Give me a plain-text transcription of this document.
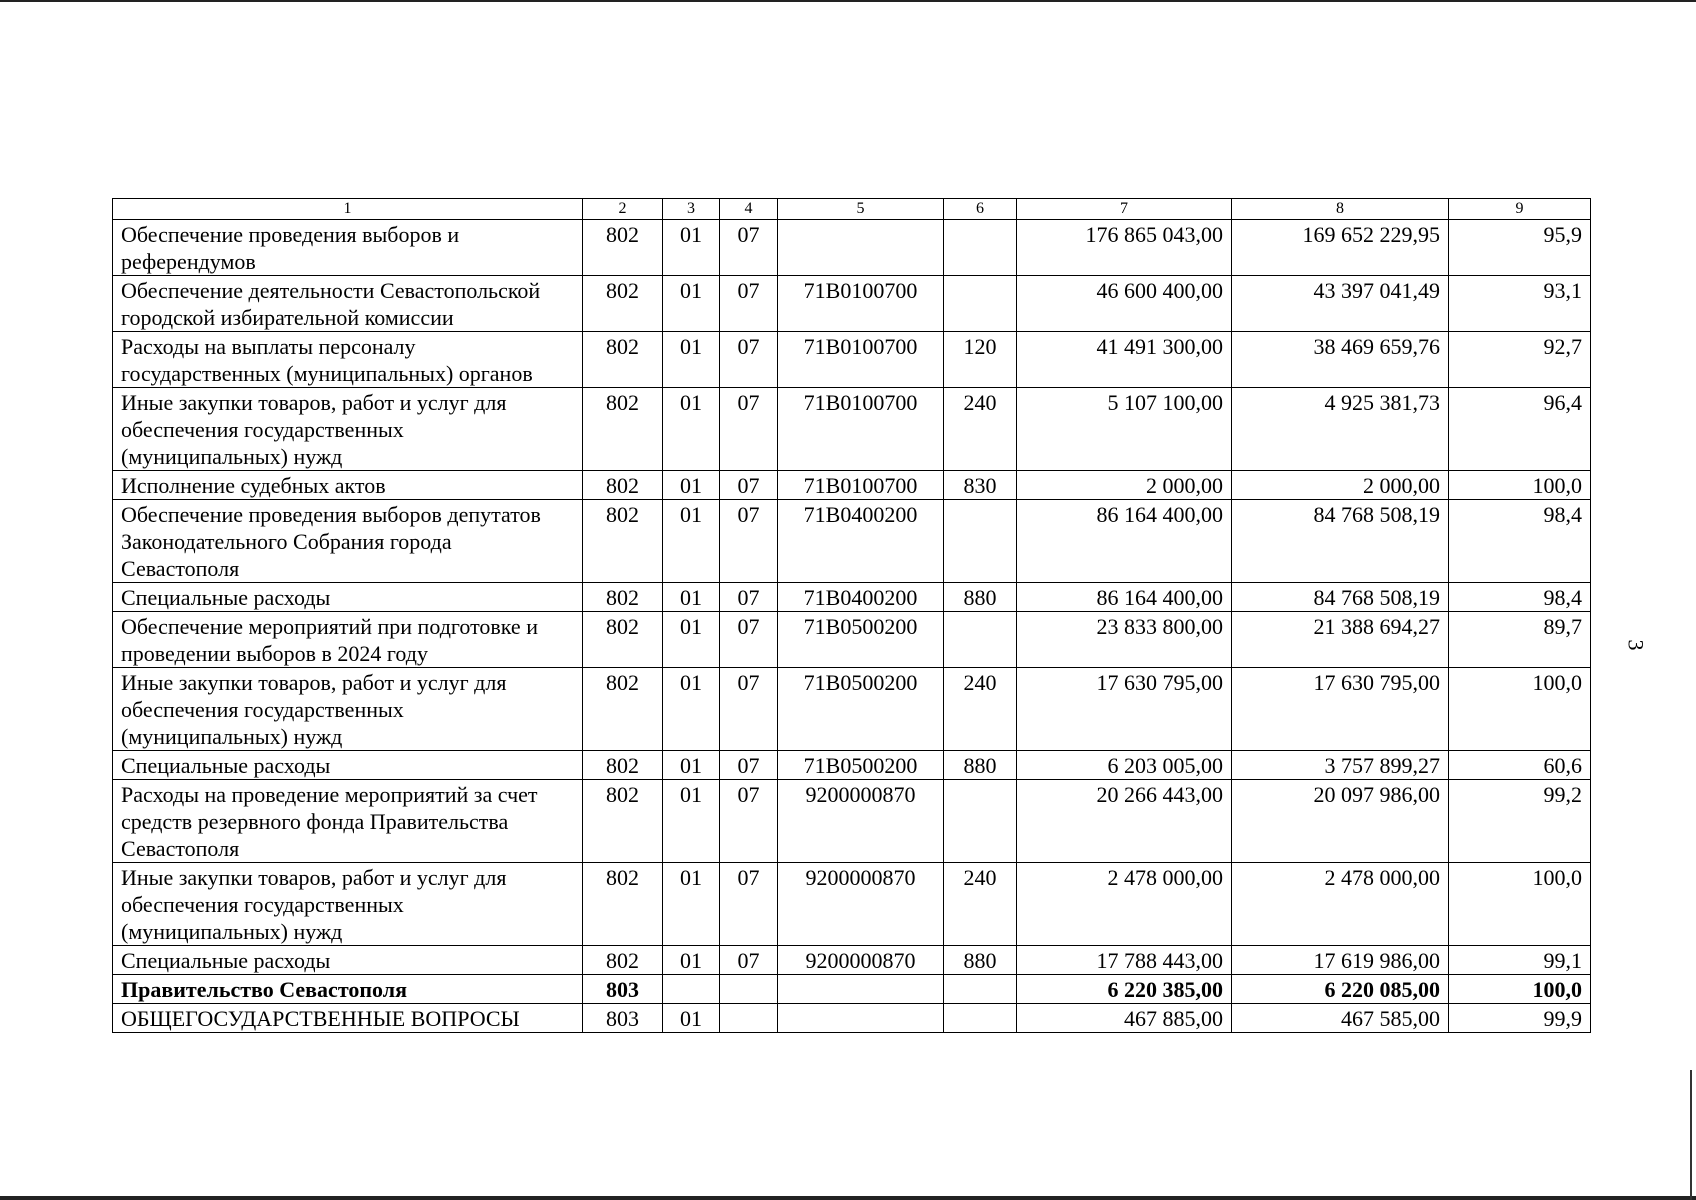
3
1	2	3	4	5	6	7	8	9
Обеспечение проведения выборов и референдумов	802	01	07			176 865 043,00	169 652 229,95	95,9
Обеспечение деятельности Севастопольской городской избирательной комиссии	802	01	07	71В0100700		46 600 400,00	43 397 041,49	93,1
Расходы на выплаты персоналу государственных (муниципальных) органов	802	01	07	71В0100700	120	41 491 300,00	38 469 659,76	92,7
Иные закупки товаров, работ и услуг для обеспечения государственных (муниципальных) нужд	802	01	07	71В0100700	240	5 107 100,00	4 925 381,73	96,4
Исполнение судебных актов	802	01	07	71В0100700	830	2 000,00	2 000,00	100,0
Обеспечение проведения выборов депутатов Законодательного Собрания города Севастополя	802	01	07	71В0400200		86 164 400,00	84 768 508,19	98,4
Специальные расходы	802	01	07	71В0400200	880	86 164 400,00	84 768 508,19	98,4
Обеспечение мероприятий при подготовке и проведении выборов в 2024 году	802	01	07	71В0500200		23 833 800,00	21 388 694,27	89,7
Иные закупки товаров, работ и услуг для обеспечения государственных (муниципальных) нужд	802	01	07	71В0500200	240	17 630 795,00	17 630 795,00	100,0
Специальные расходы	802	01	07	71В0500200	880	6 203 005,00	3 757 899,27	60,6
Расходы на проведение мероприятий за счет средств резервного фонда Правительства Севастополя	802	01	07	9200000870		20 266 443,00	20 097 986,00	99,2
Иные закупки товаров, работ и услуг для обеспечения государственных (муниципальных) нужд	802	01	07	9200000870	240	2 478 000,00	2 478 000,00	100,0
Специальные расходы	802	01	07	9200000870	880	17 788 443,00	17 619 986,00	99,1
Правительство Севастополя	803					6 220 385,00	6 220 085,00	100,0
ОБЩЕГОСУДАРСТВЕННЫЕ ВОПРОСЫ	803	01				467 885,00	467 585,00	99,9
